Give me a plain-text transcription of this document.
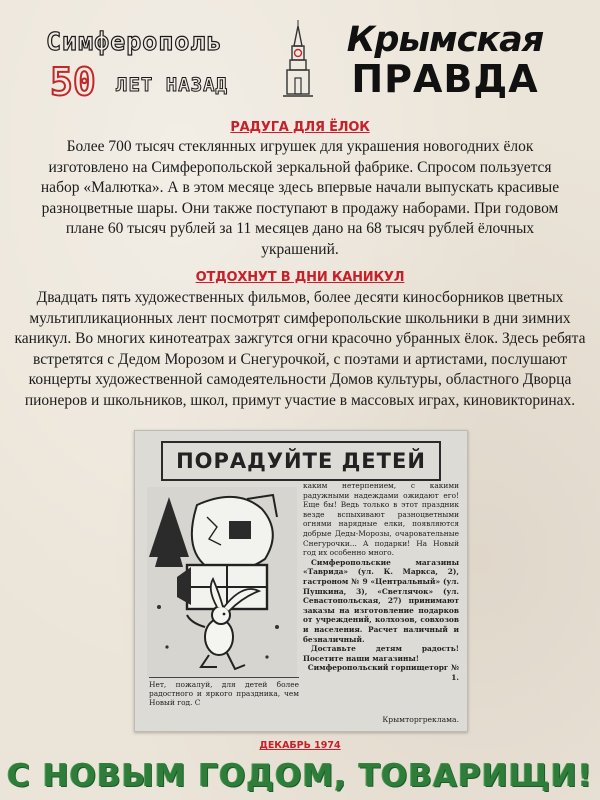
Симферополь
50 ЛЕТ НАЗАД
Крымская
ПРАВДА
РАДУГА ДЛЯ ЁЛОК
Более 700 тысяч стеклянных игрушек для украшения новогодних ёлок изготовлено на Симферопольской зеркальной фабрике. Спросом пользуется набор «Малютка». А в этом месяце здесь впервые начали выпускать красивые разноцветные шары. Они также поступают в продажу наборами. При годовом плане 60 тысяч рублей за 11 месяцев дано на 68 тысяч рублей ёлочных украшений.
ОТДОХНУТ В ДНИ КАНИКУЛ
Двадцать пять художественных фильмов, более десяти киносборников цветных мультипликационных лент посмотрят симферопольские школьники в дни зимних каникул. Во многих кинотеатрах зажгутся огни красочно убранных ёлок. Здесь ребята встретятся с Дедом Морозом и Снегурочкой, с поэтами и артистами, послушают концерты художественной самодеятельности Домов культуры, областного Дворца пионеров и школьников, школ, примут участие в массовых играх, киновикторинах.
ПОРАДУЙТЕ ДЕТЕЙ

каким нетерпением, с какими радужными надеждами ожидают его! Еще бы! Ведь только в этот праздник везде вспыхивают разноцветными огнями нарядные елки, появляются добрые Деды-Морозы, очаровательные Снегурочки... А подарки! На Новый год их особенно много.

Симферопольские магазины «Таврида» (ул. К. Маркса, 2), гастроном № 9 «Центральный» (ул. Пушкина, 3), «Светлячок» (ул. Севастопольская, 27) принимают заказы на изготовление подарков от учреждений, колхозов, совхозов и населения. Расчет наличный и безналичный.

Доставьте детям радость! Посетите наши магазины!

Симферопольский горпищеторг № 1.

Нет, пожалуй, для детей более радостного и яркого праздника, чем Новый год. С
Крымторгреклама.
ДЕКАБРЬ 1974
С НОВЫМ ГОДОМ, ТОВАРИЩИ!
